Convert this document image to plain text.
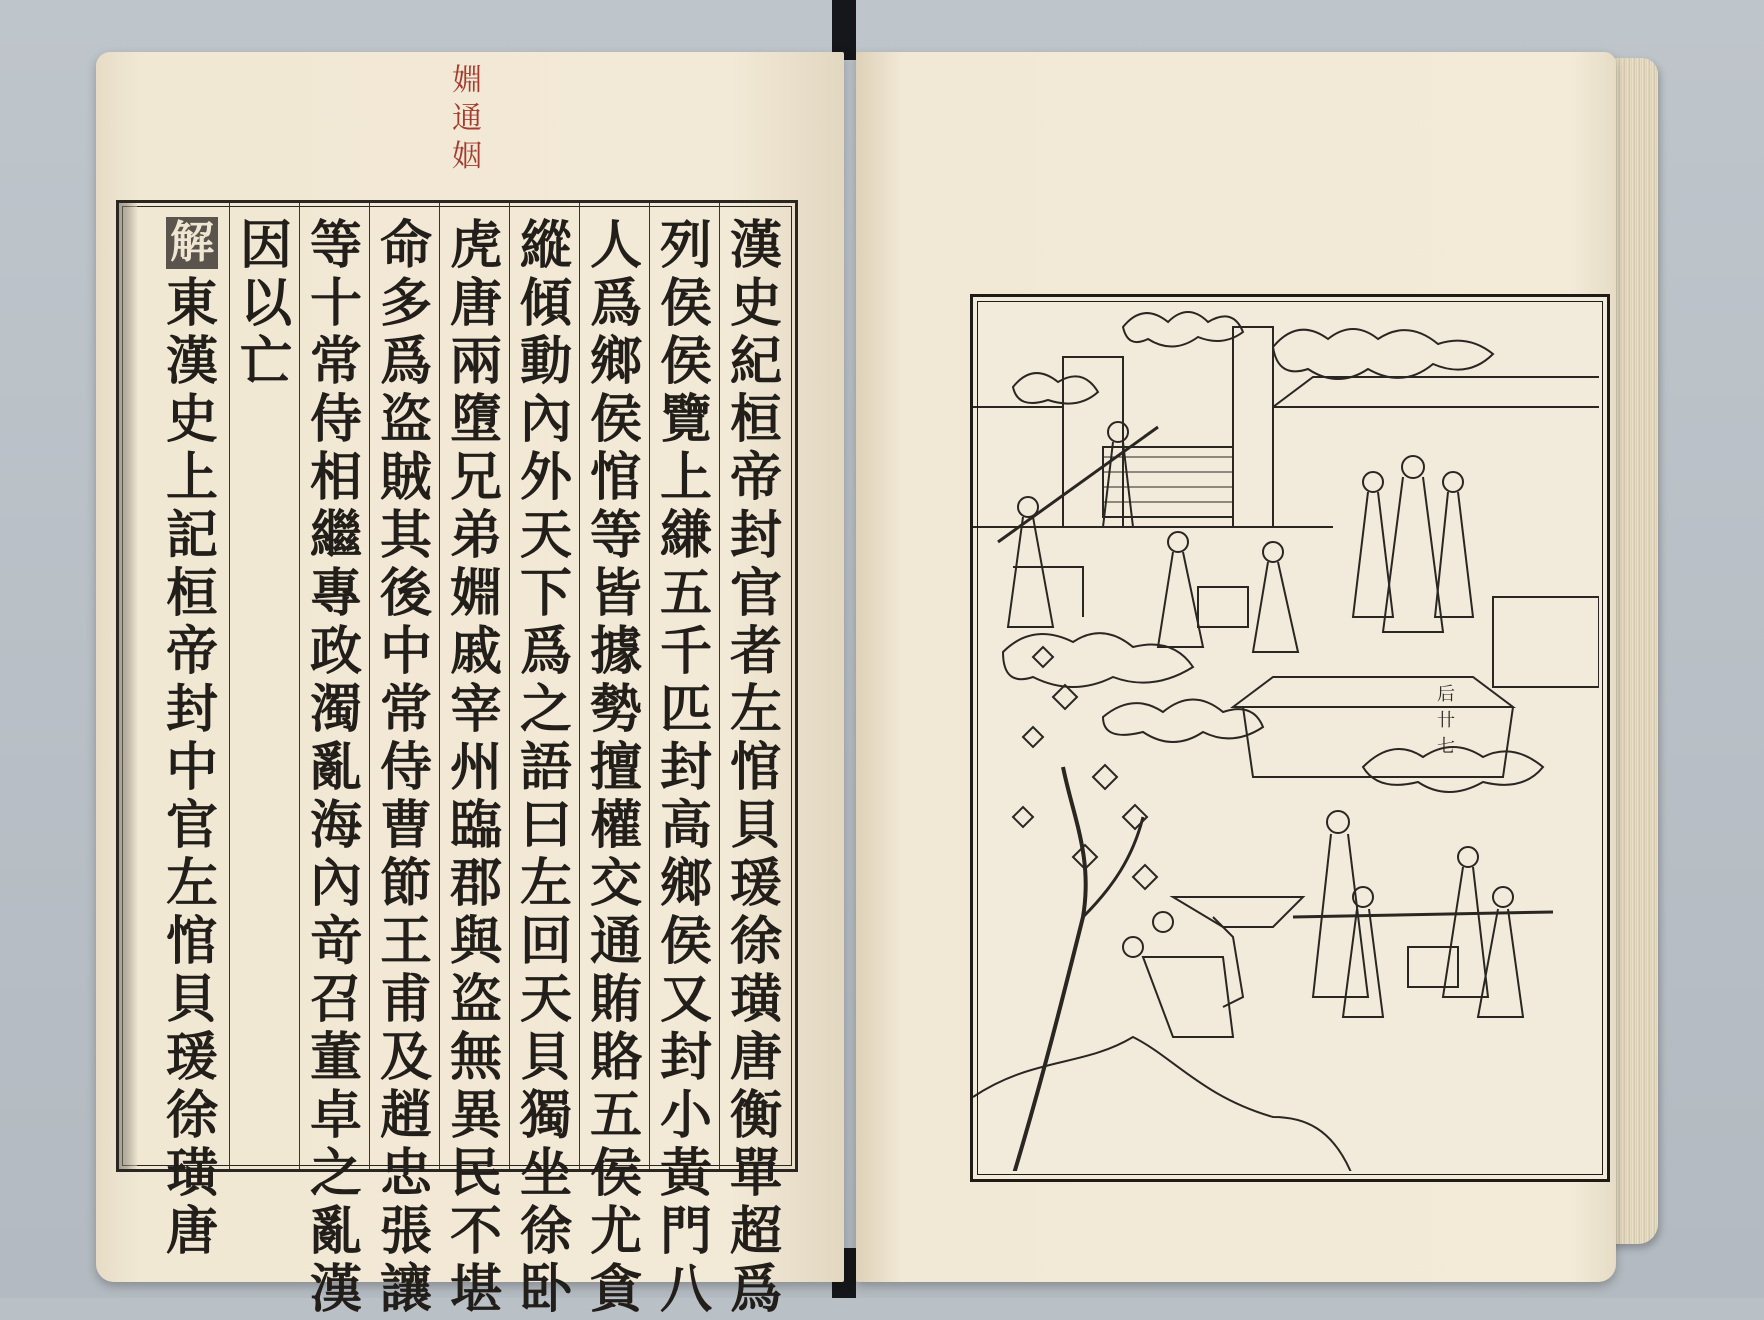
婣
通
姻
漢
史
紀
桓
帝
封
官
者
左
悺
貝
瑗
徐
璜
唐
衡
單
超
爲
列
侯
侯
覽
上
縑
五
千
匹
封
高
鄉
侯
又
封
小
黃
門
八
人
爲
鄉
侯
悺
等
皆
據
勢
擅
權
交
通
賄
賂
五
侯
尤
貪
縱
傾
動
內
外
天
下
爲
之
語
曰
左
回
天
貝
獨
坐
徐
卧
虎
唐
兩
墮
兄
弟
婣
戚
宰
州
臨
郡
與
盗
無
異
民
不
堪
命
多
爲
盗
賊
其
後
中
常
侍
曹
節
王
甫
及
趙
忠
張
讓
等
十
常
侍
相
繼
專
政
濁
亂
海
內
竒
召
董
卓
之
亂
漢
因
以
亡
解
東
漢
史
上
記
桓
帝
封
中
官
左
悺
貝
瑗
徐
璜
唐
后
卄
七
